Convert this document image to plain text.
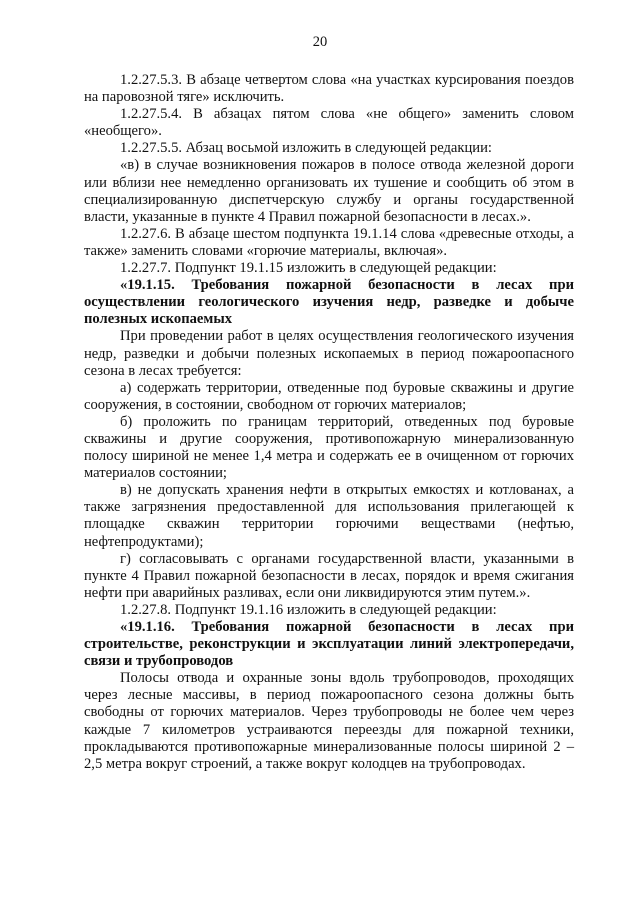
20

1.2.27.5.3. В абзаце четвертом слова «на участках курсирования поездов на паровозной тяге» исключить.

1.2.27.5.4. В абзацах пятом слова «не общего» заменить словом «необщего».

1.2.27.5.5. Абзац восьмой изложить в следующей редакции:

«в) в случае возникновения пожаров в полосе отвода железной дороги или вблизи нее немедленно организовать их тушение и сообщить об этом в специализированную диспетчерскую службу и органы государственной власти, указанные в пункте 4 Правил пожарной безопасности в лесах.».

1.2.27.6. В абзаце шестом подпункта 19.1.14 слова «древесные отходы, а также» заменить словами «горючие материалы, включая».

1.2.27.7. Подпункт 19.1.15 изложить в следующей редакции:

«19.1.15. Требования пожарной безопасности в лесах при осуществлении геологического изучения недр, разведке и добыче полезных ископаемых

При проведении работ в целях осуществления геологического изучения недр, разведки и добычи полезных ископаемых в период пожароопасного сезона в лесах требуется:

а) содержать территории, отведенные под буровые скважины и другие сооружения, в состоянии, свободном от горючих материалов;

б) проложить по границам территорий, отведенных под буровые скважины и другие сооружения, противопожарную минерализованную полосу шириной не менее 1,4 метра и содержать ее в очищенном от горючих материалов состоянии;

в) не допускать хранения нефти в открытых емкостях и котлованах, а также загрязнения предоставленной для использования прилегающей к площадке скважин территории горючими веществами (нефтью, нефтепродуктами);

г) согласовывать с органами государственной власти, указанными в пункте 4 Правил пожарной безопасности в лесах, порядок и время сжигания нефти при аварийных разливах, если они ликвидируются этим путем.».

1.2.27.8. Подпункт 19.1.16 изложить в следующей редакции:

«19.1.16. Требования пожарной безопасности в лесах при строительстве, реконструкции и эксплуатации линий электропередачи, связи и трубопроводов

Полосы отвода и охранные зоны вдоль трубопроводов, проходящих через лесные массивы, в период пожароопасного сезона должны быть свободны от горючих материалов. Через трубопроводы не более чем через каждые 7 километров устраиваются переезды для пожарной техники, прокладываются противопожарные минерализованные полосы шириной 2 – 2,5 метра вокруг строений, а также вокруг колодцев на трубопроводах.
